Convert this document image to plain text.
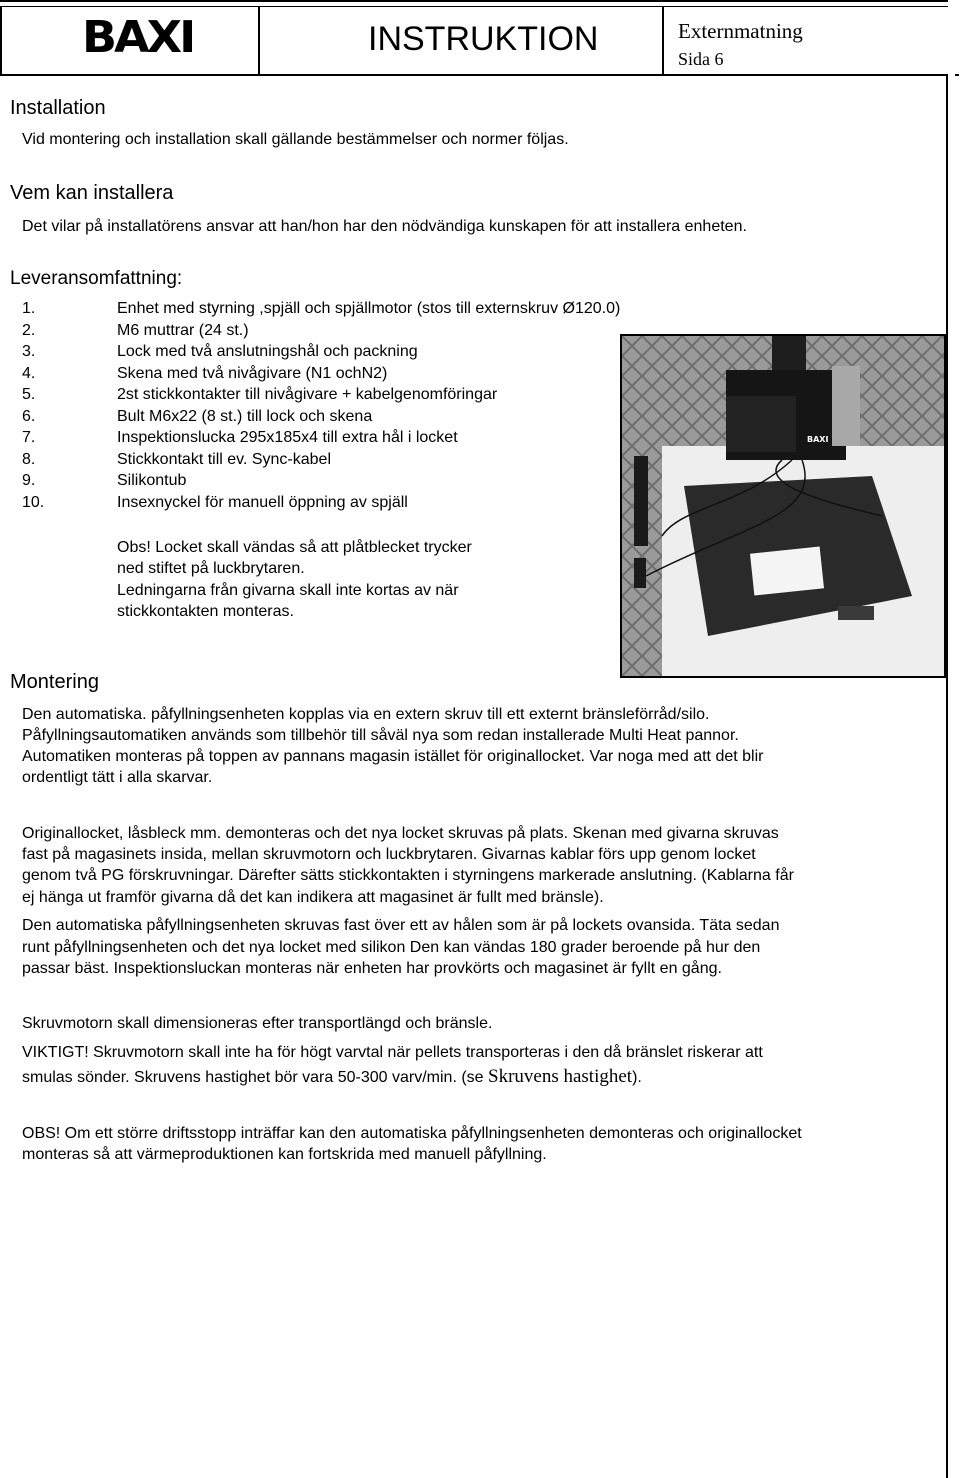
BAXI	INSTRUKTION	Externmatning
Sida 6
Installation
Vid montering och installation skall gällande bestämmelser och normer följas.
Vem kan installera
Det vilar på installatörens ansvar att han/hon har den nödvändiga kunskapen för att installera enheten.
Leveransomfattning:
1.	Enhet med styrning ,spjäll och spjällmotor (stos till externskruv Ø120.0)
2.	M6 muttrar (24 st.)
3.	Lock med två anslutningshål och packning
4.	Skena med två nivågivare (N1 ochN2)
5.	2st stickkontakter till nivågivare + kabelgenomföringar
6.	Bult M6x22 (8 st.) till lock och skena
7.	Inspektionslucka 295x185x4 till extra hål i locket
8.	Stickkontakt till ev. Sync-kabel
9.	Silikontub
10.	Insexnyckel för manuell öppning av spjäll
Obs! Locket skall vändas så att plåtblecket trycker
ned stiftet på luckbrytaren.
Ledningarna från givarna skall inte kortas av när
stickkontakten monteras.
BAXI
Montering
Den automatiska. påfyllningsenheten kopplas via en extern skruv till ett externt bränsleförråd/silo.
Påfyllningsautomatiken används som tillbehör till såväl nya som redan installerade Multi Heat pannor.
Automatiken monteras på toppen av pannans magasin istället för originallocket. Var noga med att det blir
ordentligt tätt i alla skarvar.
Originallocket, låsbleck mm. demonteras och det nya locket skruvas på plats. Skenan med givarna skruvas
fast på magasinets insida, mellan skruvmotorn och luckbrytaren. Givarnas kablar förs upp genom locket
genom två PG förskruvningar. Därefter sätts stickkontakten i styrningens markerade anslutning. (Kablarna får
ej hänga ut framför givarna då det kan indikera att magasinet är fullt med bränsle).
Den automatiska påfyllningsenheten skruvas fast över ett av hålen som är på lockets ovansida. Täta sedan
runt påfyllningsenheten och det nya locket med silikon Den kan vändas 180 grader beroende på hur den
passar bäst. Inspektionsluckan monteras när enheten har provkörts och magasinet är fyllt en gång.
Skruvmotorn skall dimensioneras efter transportlängd och bränsle.
VIKTIGT! Skruvmotorn skall inte ha för högt varvtal när pellets transporteras i den då bränslet riskerar att
smulas sönder. Skruvens hastighet bör vara 50-300 varv/min. (se Skruvens hastighet).
OBS! Om ett större driftsstopp inträffar kan den automatiska påfyllningsenheten demonteras och originallocket
monteras så att värmeproduktionen kan fortskrida med manuell påfyllning.
